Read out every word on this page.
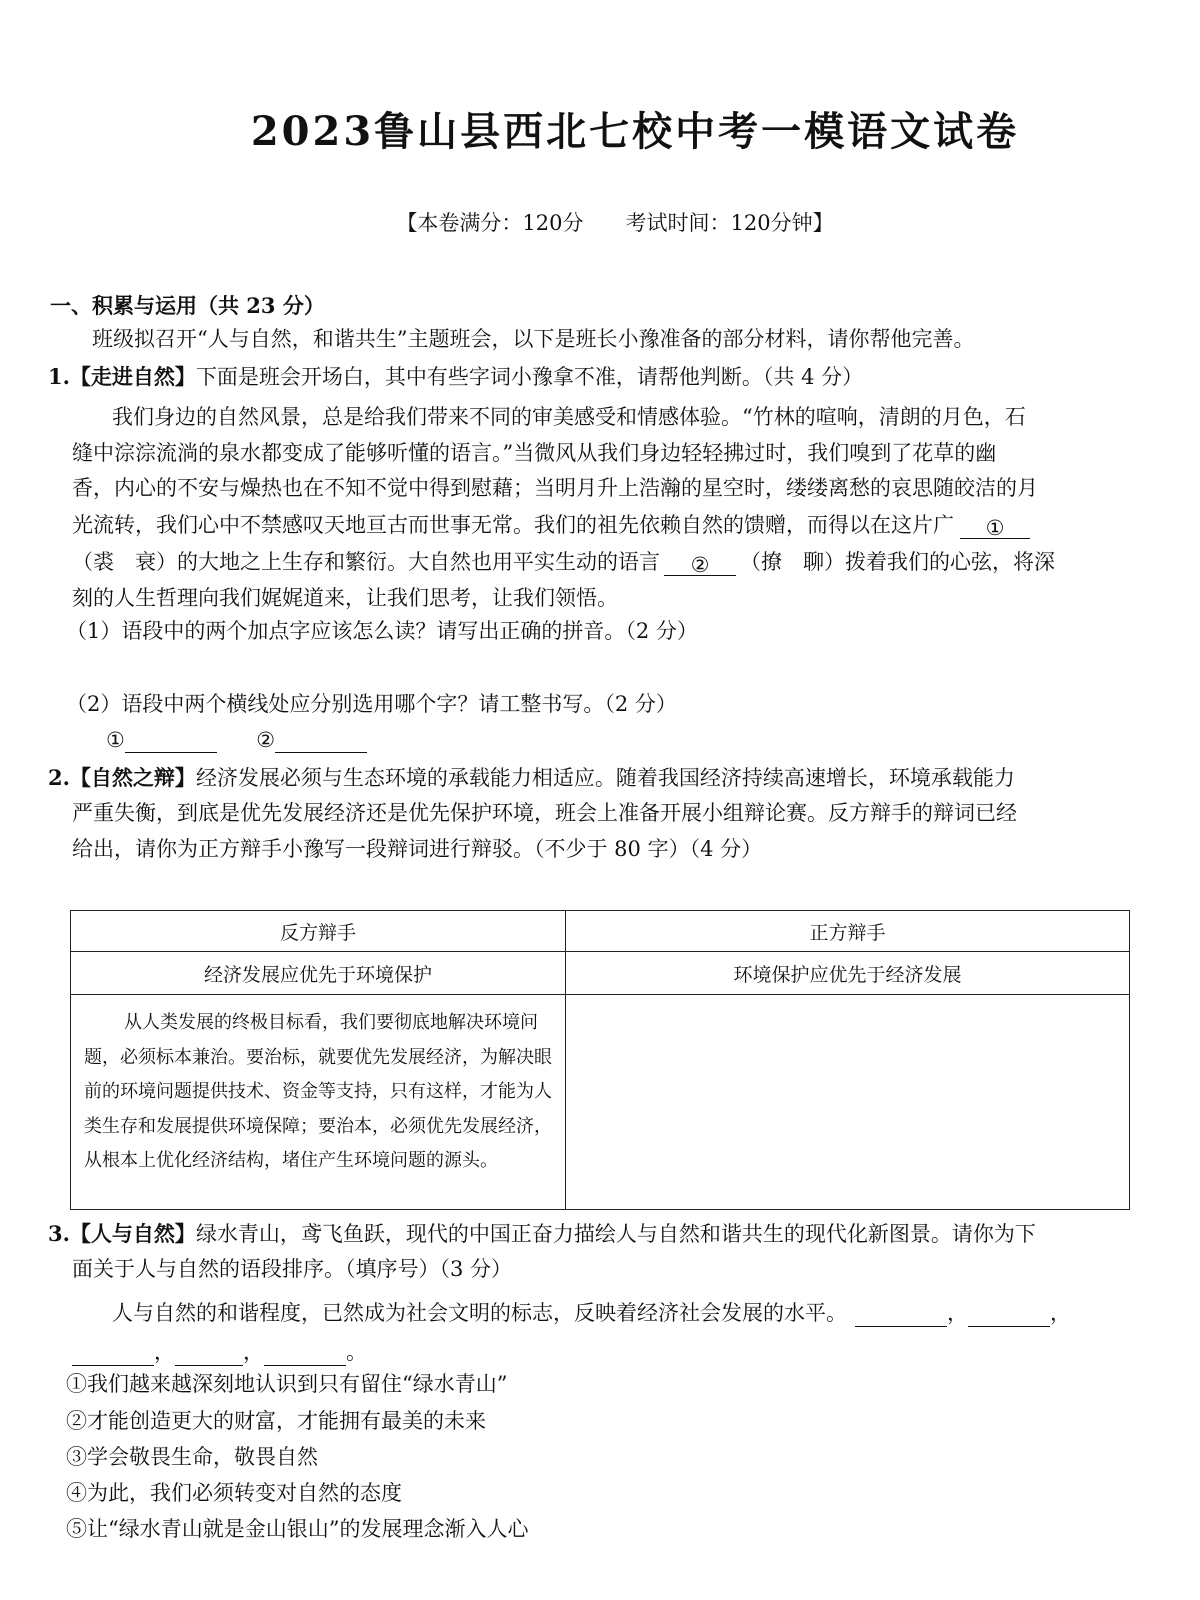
2023鲁山县西北七校中考一模语文试卷
【本卷满分：120分　　考试时间：120分钟】
一、积累与运用（共 23 分）
班级拟召开“人与自然，和谐共生”主题班会，以下是班长小豫准备的部分材料，请你帮他完善。
1.【走进自然】下面是班会开场白，其中有些字词小豫拿不准，请帮他判断。（共 4 分）
我们身边的自然风景，总是给我们带来不同的审美感受和情感体验。“竹林的喧响，清朗的月色，石
缝中淙淙流淌的泉水都变成了能够听懂的语言。”当微风从我们身边轻轻拂过时，我们嗅到了花草的幽
香，内心的不安与燥热也在不知不觉中得到慰藉；当明月升上浩瀚的星空时，缕缕离愁的哀思随皎洁的月
光流转，我们心中不禁感叹天地亘古而世事无常。我们的祖先依赖自然的馈赠，而得以在这片广 ①
（裘　衰）的大地之上生存和繁衍。大自然也用平实生动的语言 ② （撩　聊）拨着我们的心弦，将深
刻的人生哲理向我们娓娓道来，让我们思考，让我们领悟。
（1）语段中的两个加点字应该怎么读？请写出正确的拼音。（2 分）
（2）语段中两个横线处应分别选用哪个字？请工整书写。（2 分）
①	②
2.【自然之辩】经济发展必须与生态环境的承载能力相适应。随着我国经济持续高速增长，环境承载能力
严重失衡，到底是优先发展经济还是优先保护环境，班会上准备开展小组辩论赛。反方辩手的辩词已经
给出，请你为正方辩手小豫写一段辩词进行辩驳。（不少于 80 字）（4 分）
反方辩手	正方辩手
经济发展应优先于环境保护	环境保护应优先于经济发展

从人类发展的终极目标看，我们要彻底地解决环境问题，必须标本兼治。要治标，就要优先发展经济，为解决眼前的环境问题提供技术、资金等支持，只有这样，才能为人类生存和发展提供环境保障；要治本，必须优先发展经济，从根本上优化经济结构，堵住产生环境问题的源头。	

3.【人与自然】绿水青山，鸢飞鱼跃，现代的中国正奋力描绘人与自然和谐共生的现代化新图景。请你为下
面关于人与自然的语段排序。（填序号）（3 分）
人与自然的和谐程度，已然成为社会文明的标志，反映着经济社会发展的水平。	，	，
，	，	。
①我们越来越深刻地认识到只有留住“绿水青山”
②才能创造更大的财富，才能拥有最美的未来
③学会敬畏生命，敬畏自然
④为此，我们必须转变对自然的态度
⑤让“绿水青山就是金山银山”的发展理念渐入人心
